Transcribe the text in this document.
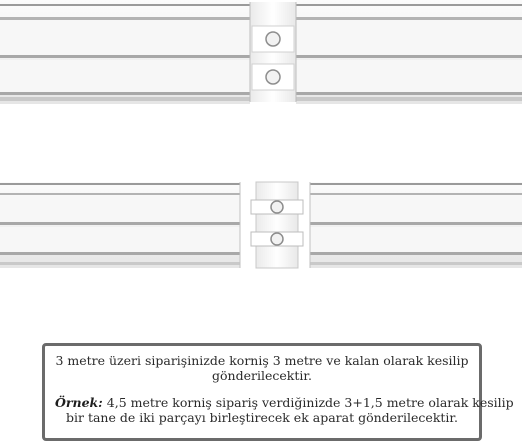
3 metre üzeri siparişinizde korniş 3 metre ve kalan olarak kesilip
gönderilecektir.
Örnek: 4,5 metre korniş sipariş verdiğinizde 3+1,5 metre olarak kesilip
bir tane de iki parçayı birleştirecek ek aparat gönderilecektir.
